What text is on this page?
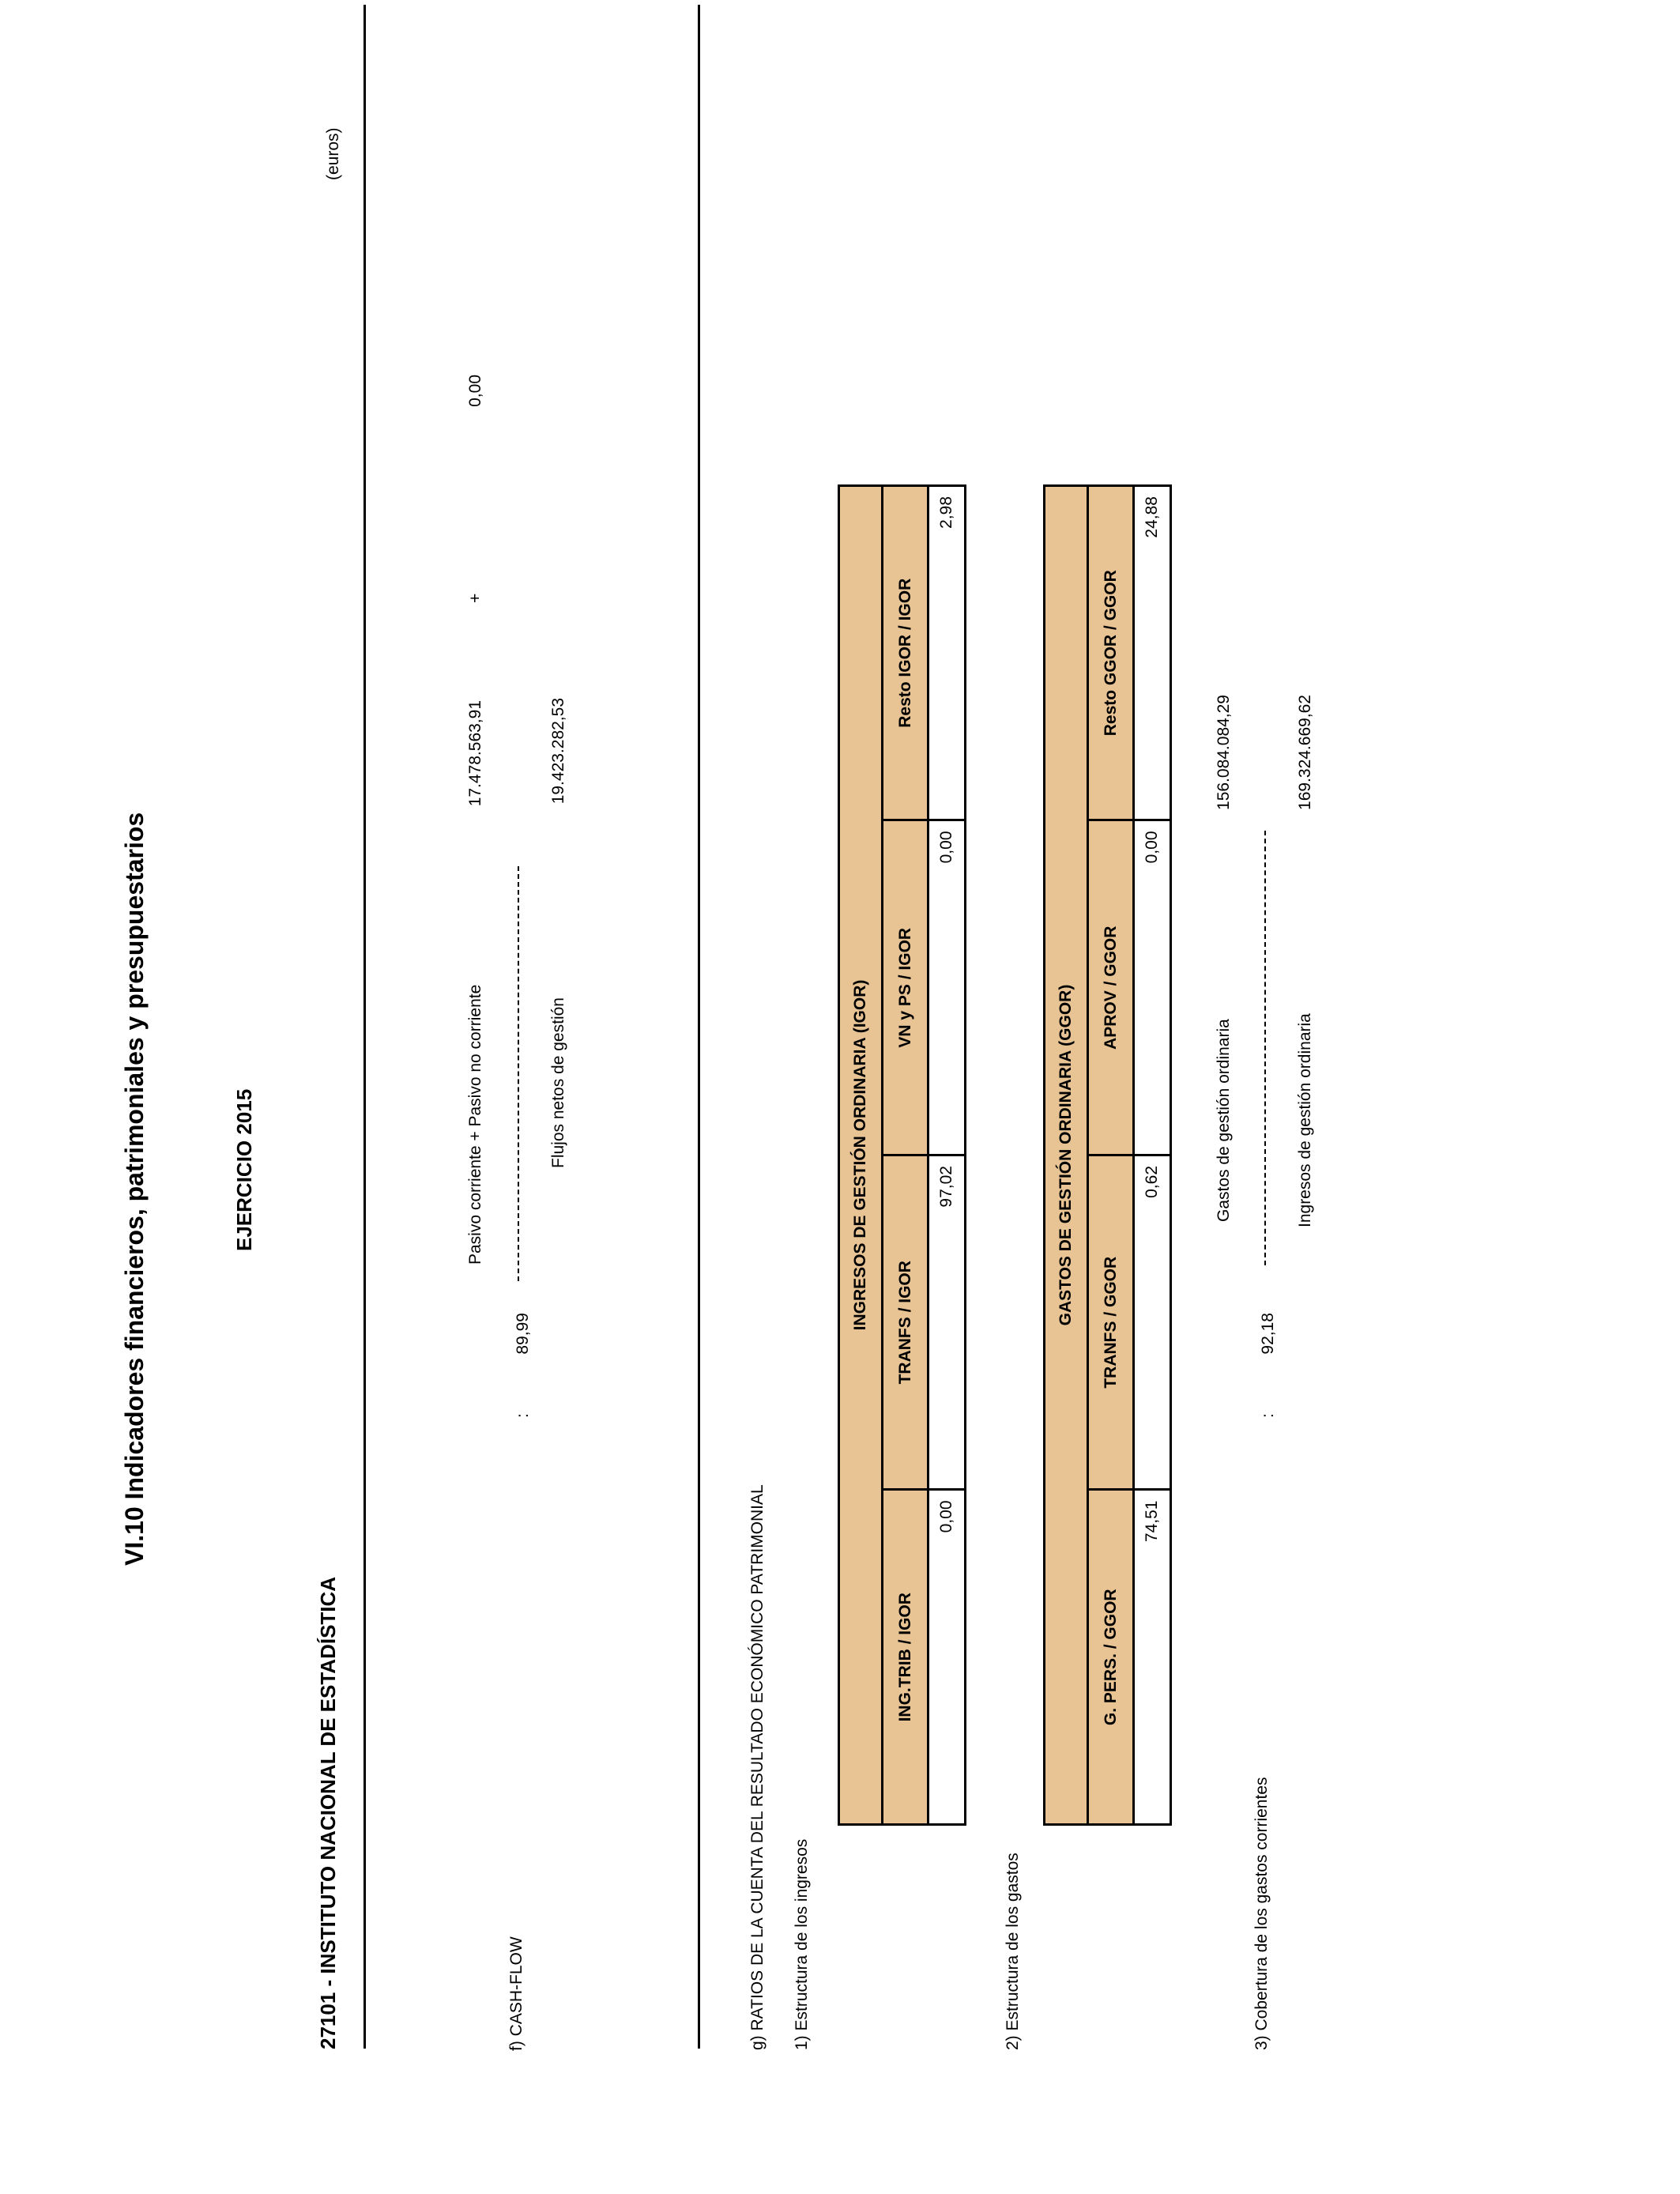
VI.10 Indicadores financieros, patrimoniales y presupuestarios	EJERCICIO 2015
27101 - INSTITUTO NACIONAL DE ESTADÍSTICA
(euros)
f) CASH-FLOW
89,99
:
Pasivo corriente + Pasivo no corriente
17.478.563,91
+
0,00
Flujos netos de gestión
19.423.282,53
g) RATIOS DE LA CUENTA DEL RESULTADO ECONÓMICO PATRIMONIAL 1) Estructura de los ingresos
INGRESOS DE GESTIÓN ORDINARIA (IGOR)			
ING.TRIB / IGOR	TRANFS / IGOR	VN y PS / IGOR	Resto IGOR / IGOR
0,00	97,02	0,00	2,98
2) Estructura de los gastos
GASTOS DE GESTIÓN ORDINARIA (GGOR)			
G. PERS. / GGOR	TRANFS / GGOR	APROV / GGOR	Resto GGOR / GGOR
74,51	0,62	0,00	24,88
3) Cobertura de los gastos corrientes
92,18
:
Gastos de gestión ordinaria
156.084.084,29
Ingresos de gestión ordinaria
169.324.669,62
